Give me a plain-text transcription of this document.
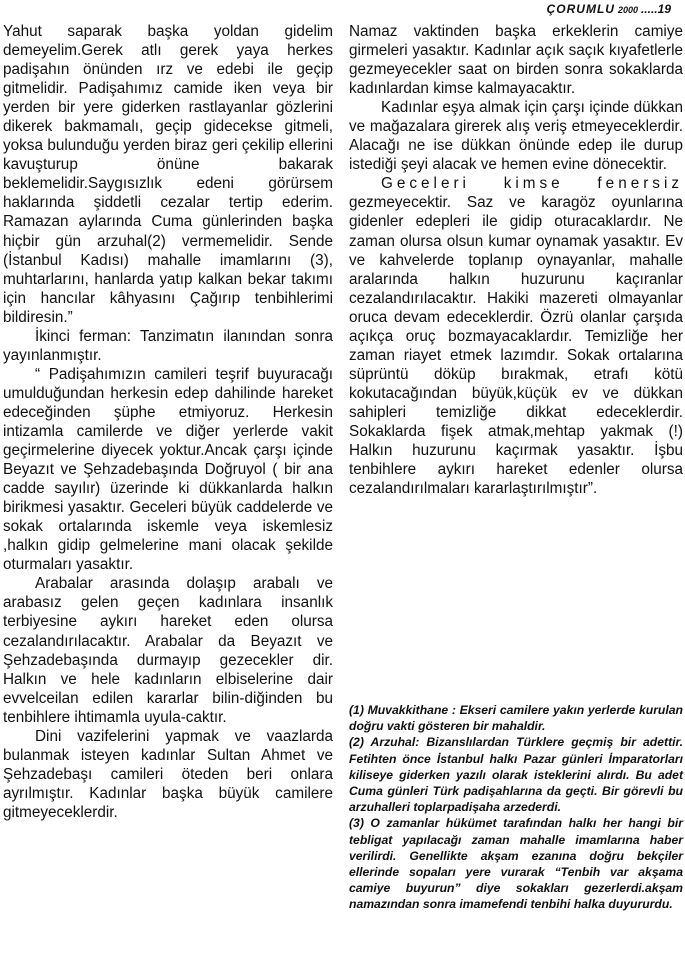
ÇORUMLU 2000 .....19

Yahut saparak başka yoldan gidelim demeyelim.Gerek atlı gerek yaya herkes padişahın önünden ırz ve edebi ile geçip gitmelidir. Padişahımız camide iken veya bir yerden bir yere giderken rastlayanlar gözlerini dikerek bakmamalı, geçip gidecekse gitmeli, yoksa bulunduğu yerden biraz geri çekilip ellerini kavuşturup önüne bakarak beklemelidir.Saygısızlık edeni görürsem haklarında şiddetli cezalar tertip ederim. Ramazan aylarında Cuma günlerinden başka hiçbir gün arzuhal(2) vermemelidir. Sende (İstanbul Kadısı) mahalle imamlarını (3), muhtarlarını, hanlarda yatıp kalkan bekar takımı için hancılar kâhyasını Çağırıp tenbihlerimi bildiresin.”

İkinci ferman: Tanzimatın ilanından sonra yayınlanmıştır.

“ Padişahımızın camileri teşrif buyuracağı umulduğundan herkesin edep dahilinde hareket edeceğinden şüphe etmiyoruz. Herkesin intizamla camilerde ve diğer yerlerde vakit geçirmelerine diyecek yoktur.Ancak çarşı içinde Beyazıt ve Şehzadebaşında Doğruyol ( bir ana cadde sayılır) üzerinde ki dükkanlarda halkın birikmesi yasaktır. Geceleri büyük caddelerde ve sokak ortalarında iskemle veya iskemlesiz ,halkın gidip gelmelerine mani olacak şekilde oturmaları yasaktır.

Arabalar arasında dolaşıp arabalı ve arabasız gelen geçen kadınlara insanlık terbiyesine aykırı hareket eden olursa cezalandırılacaktır. Arabalar da Beyazıt ve Şehzadebaşında durmayıp gezecekler dir. Halkın ve hele kadınların elbiselerine dair evvelceilan edilen kararlar bilin-diğinden bu tenbihlere ihtimamla uyula-caktır.

Dini vazifelerini yapmak ve vaazlarda bulanmak isteyen kadınlar Sultan Ahmet ve Şehzadebaşı camileri öteden beri onlara ayrılmıştır. Kadınlar başka büyük camilere gitmeyeceklerdir.

Namaz vaktinden başka erkeklerin camiye girmeleri yasaktır. Kadınlar açık saçık kıyafetlerle gezmeyecekler saat on birden sonra sokaklarda kadınlardan kimse kalmayacaktır.

Kadınlar eşya almak için çarşı içinde dükkan ve mağazalara girerek alış veriş etmeyeceklerdir. Alacağı ne ise dükkan önünde edep ile durup istediği şeyi alacak ve hemen evine dönecektir.

Geceleri kimse fenersiz gezmeyecektir. Saz ve karagöz oyunlarına gidenler edepleri ile gidip oturacaklardır. Ne zaman olursa olsun kumar oynamak yasaktır. Ev ve kahvelerde toplanıp oynayanlar, mahalle aralarında halkın huzurunu kaçıranlar cezalandırılacaktır. Hakiki mazereti olmayanlar oruca devam edeceklerdir. Özrü olanlar çarşıda açıkça oruç bozmayacaklardır. Temizliğe her zaman riayet etmek lazımdır. Sokak ortalarına süprüntü döküp bırakmak, etrafı kötü kokutacağından büyük,küçük ev ve dükkan sahipleri temizliğe dikkat edeceklerdir. Sokaklarda fişek atmak,mehtap yakmak (!) Halkın huzurunu kaçırmak yasaktır. İşbu tenbihlere aykırı hareket edenler olursa cezalandırılmaları kararlaştırılmıştır”.

(1) Muvakkithane : Ekseri camilere yakın yerlerde kurulan doğru vakti gösteren bir mahaldir.

(2) Arzuhal: Bizanslılardan Türklere geçmiş bir adettir. Fetihten önce İstanbul halkı Pazar günleri İmparatorları kiliseye giderken yazılı olarak isteklerini alırdı. Bu adet Cuma günleri Türk padişahlarına da geçti. Bir görevli bu arzuhalleri toplarpadişaha arzederdi.

(3) O zamanlar hükümet tarafından halkı her hangi bir tebligat yapılacağı zaman mahalle imamlarına haber verilirdi. Genellikte akşam ezanına doğru bekçiler ellerinde sopaları yere vurarak “Tenbih var akşama camiye buyurun” diye sokakları gezerlerdi.akşam namazından sonra imamefendi tenbihi halka duyururdu.
